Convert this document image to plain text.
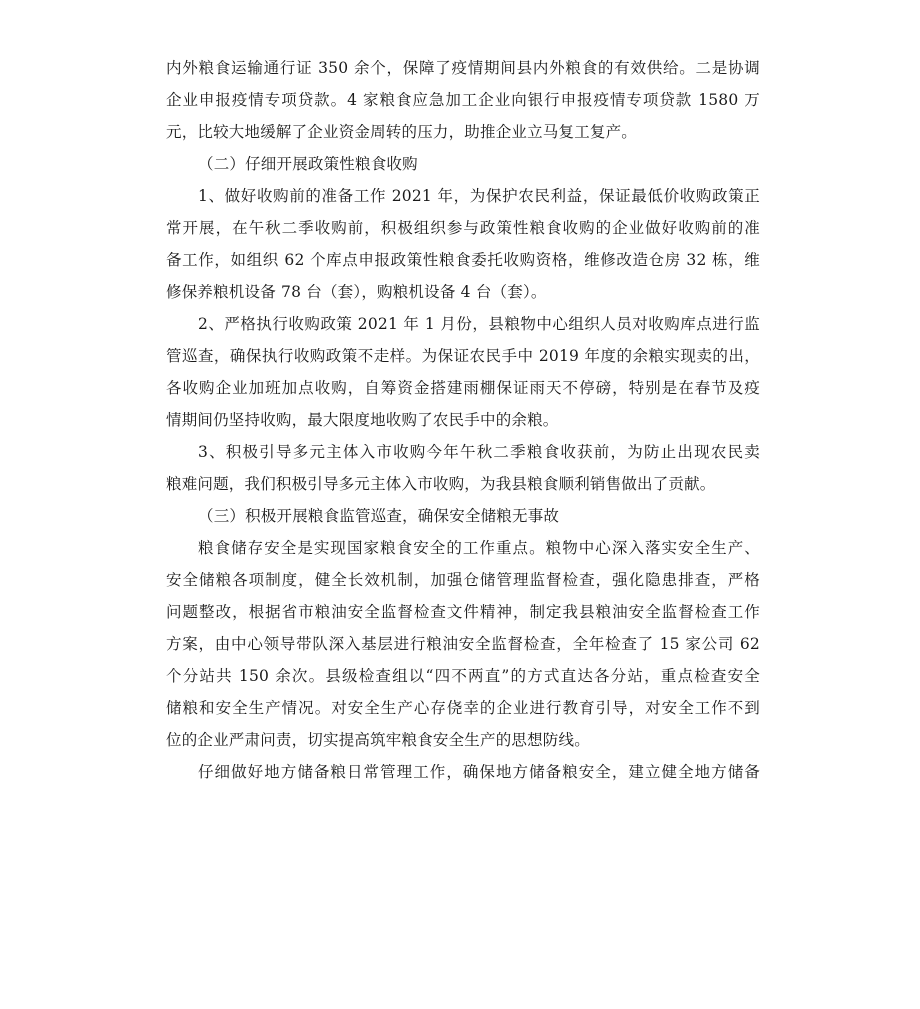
内外粮食运输通行证 350 余个，保障了疫情期间县内外粮食的有效供给。二是协调
企业申报疫情专项贷款。4 家粮食应急加工企业向银行申报疫情专项贷款 1580 万
元，比较大地缓解了企业资金周转的压力，助推企业立马复工复产。
（二）仔细开展政策性粮食收购
1、做好收购前的准备工作 2021 年，为保护农民利益，保证最低价收购政策正
常开展，在午秋二季收购前，积极组织参与政策性粮食收购的企业做好收购前的准
备工作，如组织 62 个库点申报政策性粮食委托收购资格，维修改造仓房 32 栋，维
修保养粮机设备 78 台（套），购粮机设备 4 台（套）。
2、严格执行收购政策 2021 年 1 月份，县粮物中心组织人员对收购库点进行监
管巡查，确保执行收购政策不走样。为保证农民手中 2019 年度的余粮实现卖的出，
各收购企业加班加点收购，自筹资金搭建雨棚保证雨天不停磅，特别是在春节及疫
情期间仍坚持收购，最大限度地收购了农民手中的余粮。
3、积极引导多元主体入市收购今年午秋二季粮食收获前，为防止出现农民卖
粮难问题，我们积极引导多元主体入市收购，为我县粮食顺利销售做出了贡献。
（三）积极开展粮食监管巡查，确保安全储粮无事故
粮食储存安全是实现国家粮食安全的工作重点。粮物中心深入落实安全生产、
安全储粮各项制度，健全长效机制，加强仓储管理监督检查，强化隐患排查，严格
问题整改，根据省市粮油安全监督检查文件精神，制定我县粮油安全监督检查工作
方案，由中心领导带队深入基层进行粮油安全监督检查，全年检查了 15 家公司 62
个分站共 150 余次。县级检查组以“四不两直”的方式直达各分站，重点检查安全
储粮和安全生产情况。对安全生产心存侥幸的企业进行教育引导，对安全工作不到
位的企业严肃问责，切实提高筑牢粮食安全生产的思想防线。
仔细做好地方储备粮日常管理工作，确保地方储备粮安全，建立健全地方储备
